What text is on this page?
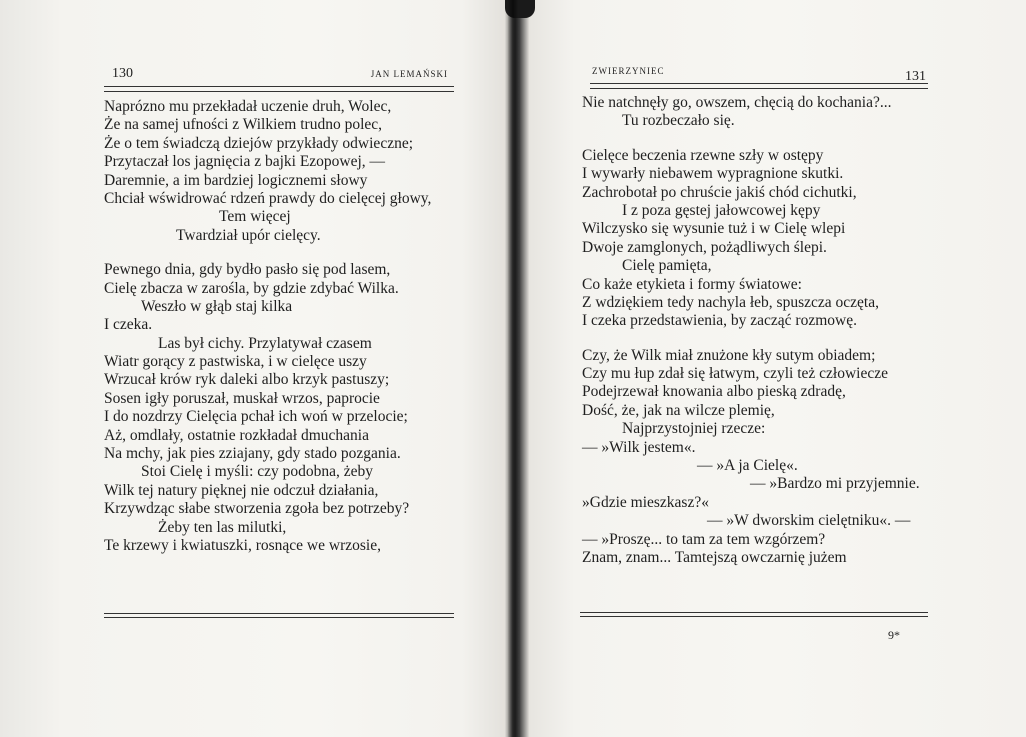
130	JAN LEMAŃSKI
Naprózno mu przekładał uczenie druh, Wolec,
Że na samej ufności z Wilkiem trudno polec,
Że o tem świadczą dziejów przykłady odwieczne;
Przytaczał los jagnięcia z bajki Ezopowej, —
Daremnie, a im bardziej logicznemi słowy
Chciał wświdrować rdzeń prawdy do cielęcej głowy,
Tem więcej
Twardział upór cielęcy.
Pewnego dnia, gdy bydło pasło się pod lasem,
Cielę zbacza w zarośla, by gdzie zdybać Wilka.
Weszło w głąb staj kilka
I czeka.
Las był cichy. Przylatywał czasem
Wiatr gorący z pastwiska, i w cielęce uszy
Wrzucał krów ryk daleki albo krzyk pastuszy;
Sosen igły poruszał, muskał wrzos, paprocie
I do nozdrzy Cielęcia pchał ich woń w przelocie;
Aż, omdlały, ostatnie rozkładał dmuchania
Na mchy, jak pies zziajany, gdy stado pozgania.
Stoi Cielę i myśli: czy podobna, żeby
Wilk tej natury pięknej nie odczuł działania,
Krzywdząc słabe stworzenia zgoła bez potrzeby?
Żeby ten las milutki,
Te krzewy i kwiatuszki, rosnące we wrzosie,
ZWIERZYNIEC	131
Nie natchnęły go, owszem, chęcią do kochania?...
Tu rozbeczało się.
Cielęce beczenia rzewne szły w ostępy
I wywarły niebawem wypragnione skutki.
Zachrobotał po chruście jakiś chód cichutki,
I z poza gęstej jałowcowej kępy
Wilczysko się wysunie tuż i w Cielę wlepi
Dwoje zamglonych, pożądliwych ślepi.
Cielę pamięta,
Co każe etykieta i formy światowe:
Z wdziękiem tedy nachyla łeb, spuszcza oczęta,
I czeka przedstawienia, by zacząć rozmowę.
Czy, że Wilk miał znużone kły sutym obiadem;
Czy mu łup zdał się łatwym, czyli też człowiecze
Podejrzewał knowania albo pieską zdradę,
Dość, że, jak na wilcze plemię,
Najprzystojniej rzecze:
— »Wilk jestem«.
— »A ja Cielę«.
— »Bardzo mi przyjemnie.
»Gdzie mieszkasz?«
— »W dworskim cielętniku«. —
— »Proszę... to tam za tem wzgórzem?
Znam, znam... Tamtejszą owczarnię jużem
9*
